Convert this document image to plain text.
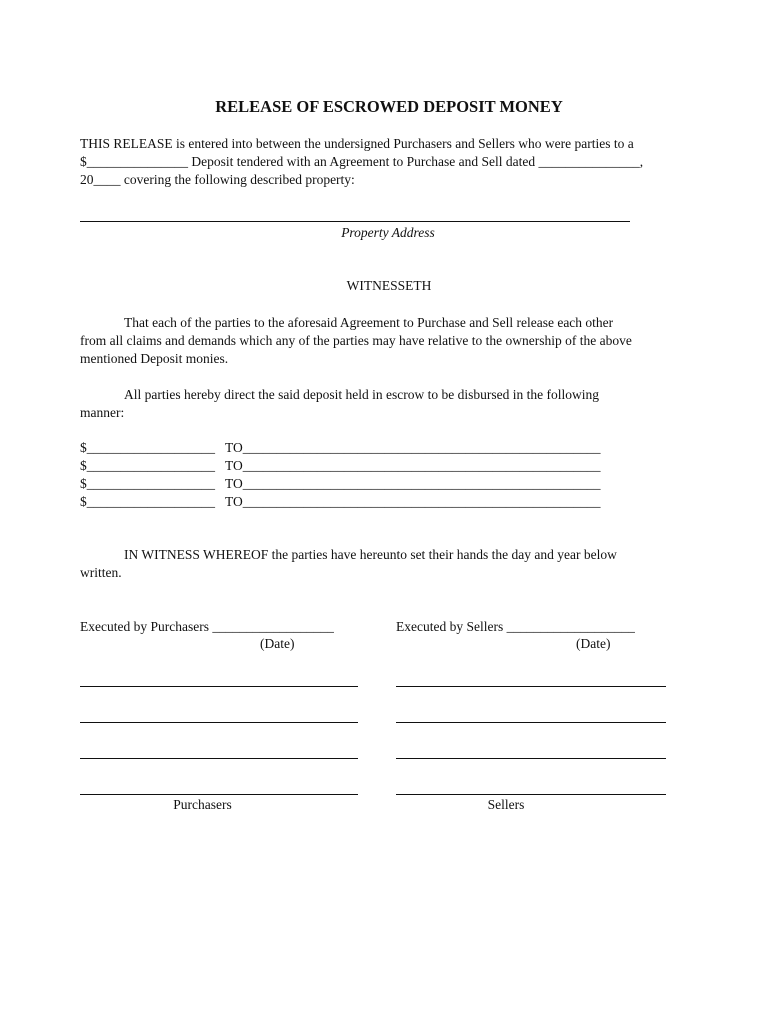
RELEASE OF ESCROWED DEPOSIT MONEY
THIS RELEASE is entered into between the undersigned Purchasers and Sellers who were parties to a
$_______________ Deposit tendered with an Agreement to Purchase and Sell dated _______________,
20____ covering the following described property:
Property Address
WITNESSETH
That each of the parties to the aforesaid Agreement to Purchase and Sell release each other
from all claims and demands which any of the parties may have relative to the ownership of the above
mentioned Deposit monies.
All parties hereby direct the said deposit held in escrow to be disbursed in the following
manner:
$___________________ TO_____________________________________________________
$___________________ TO_____________________________________________________
$___________________ TO_____________________________________________________
$___________________ TO_____________________________________________________
IN WITNESS WHEREOF the parties have hereunto set their hands the day and year below
written.
Executed by Purchasers __________________	Executed by Sellers ___________________
(Date)	(Date)
Purchasers	Sellers
